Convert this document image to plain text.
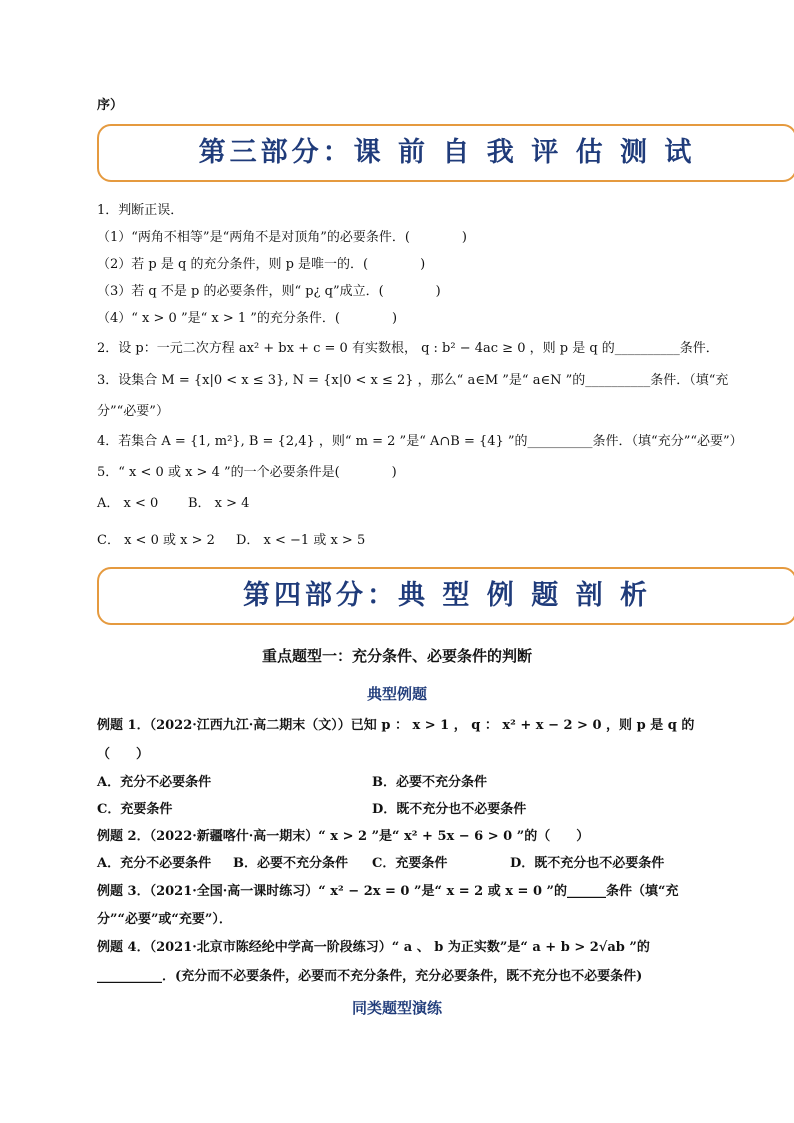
序）
第三部分：课 前 自 我 评 估 测 试
1．判断正误．
（1）“两角不相等”是“两角不是对顶角”的必要条件．(　　　　)
（2）若 p 是 q 的充分条件，则 p 是唯一的．(　　　　)
（3）若 q 不是 p 的必要条件，则“ p¿ q”成立．(　　　　)
（4）“ x > 0 ”是“ x > 1 ”的充分条件．(　　　　)
2．设 p：一元二次方程 ax² + bx + c = 0 有实数根， q : b² − 4ac ≥ 0 ，则 p 是 q 的__________条件．
3．设集合 M = {x|0 < x ≤ 3}, N = {x|0 < x ≤ 2} ，那么“ a∈M ”是“ a∈N ”的__________条件．（填“充
分”“必要”）
4．若集合 A = {1, m²}, B = {2,4} ，则“ m = 2 ”是“ A∩B = {4} ”的__________条件．（填“充分”“必要”）
5．“ x < 0 或 x > 4 ”的一个必要条件是(　　　　)
A． x < 0 B． x > 4
C． x < 0 或 x > 2 D． x < −1 或 x > 5
第四部分：典 型 例 题 剖 析
重点题型一：充分条件、必要条件的判断
典型例题
例题 1．（2022·江西九江·高二期末（文））已知 p ： x > 1 ， q ： x² + x − 2 > 0 ，则 p 是 q 的
（　　）
A．充分不必要条件	B．必要不充分条件
C．充要条件	D．既不充分也不必要条件
例题 2．（2022·新疆喀什·高一期末）“ x > 2 ”是“ x² + 5x − 6 > 0 ”的（　　）
A．充分不必要条件 B．必要不充分条件 C．充要条件	D．既不充分也不必要条件
例题 3．（2021·全国·高一课时练习）“ x² − 2x = 0 ”是“ x = 2 或 x = 0 ”的______条件（填“充
分”“必要”或“充要”）．
例题 4．（2021·北京市陈经纶中学高一阶段练习）“ a 、 b 为正实数”是“ a + b > 2√ab ”的
__________．(充分而不必要条件，必要而不充分条件，充分必要条件，既不充分也不必要条件)
同类题型演练
